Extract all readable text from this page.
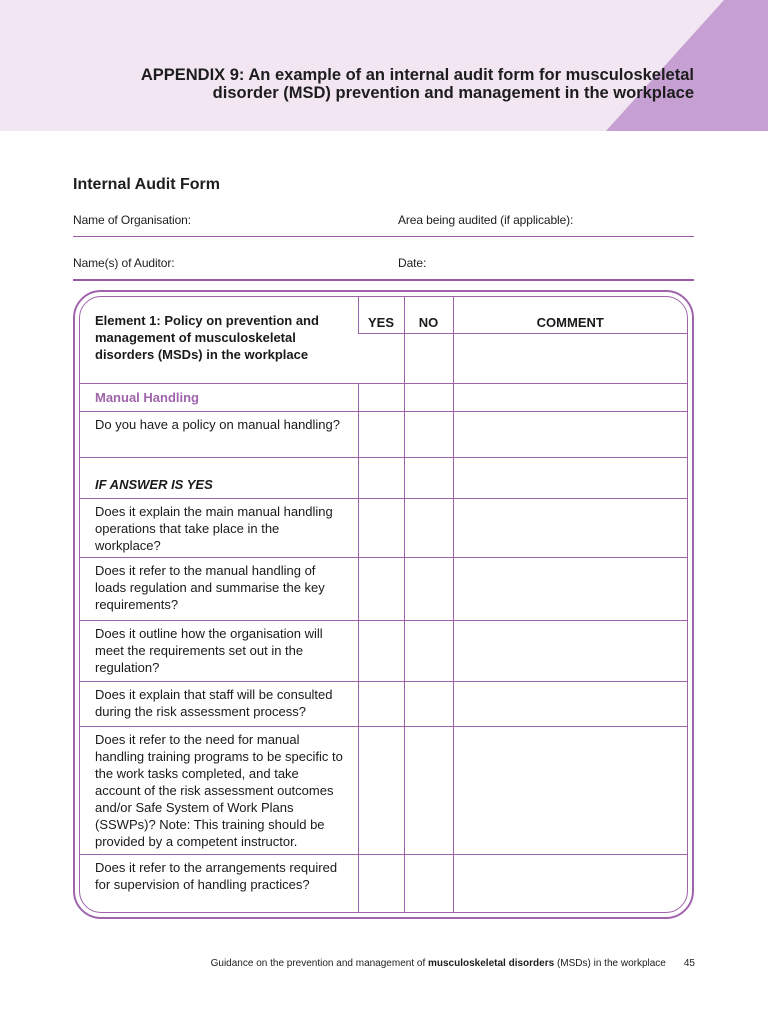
APPENDIX 9: An example of an internal audit form for musculoskeletal
disorder (MSD) prevention and management in the workplace
Internal Audit Form
Name of Organisation:	Area being audited (if applicable):
Name(s) of Auditor:	Date:
Element 1: Policy on prevention and management of musculoskeletal disorders (MSDs) in the workplace	YES	NO	COMMENT

Manual Handling			
Do you have a policy on manual handling?			
IF ANSWER IS YES			
Does it explain the main manual handling operations that take place in the workplace?			
Does it refer to the manual handling of loads regulation and summarise the key requirements?			
Does it outline how the organisation will meet the requirements set out in the regulation?			
Does it explain that staff will be consulted during the risk assessment process?			
Does it refer to the need for manual handling training programs to be specific to the work tasks completed, and take account of the risk assessment outcomes and/or Safe System of Work Plans (SSWPs)? Note: This training should be provided by a competent instructor.			
Does it refer to the arrangements required for supervision of handling practices?			
Guidance on the prevention and management of musculoskeletal disorders (MSDs) in the workplace 45
